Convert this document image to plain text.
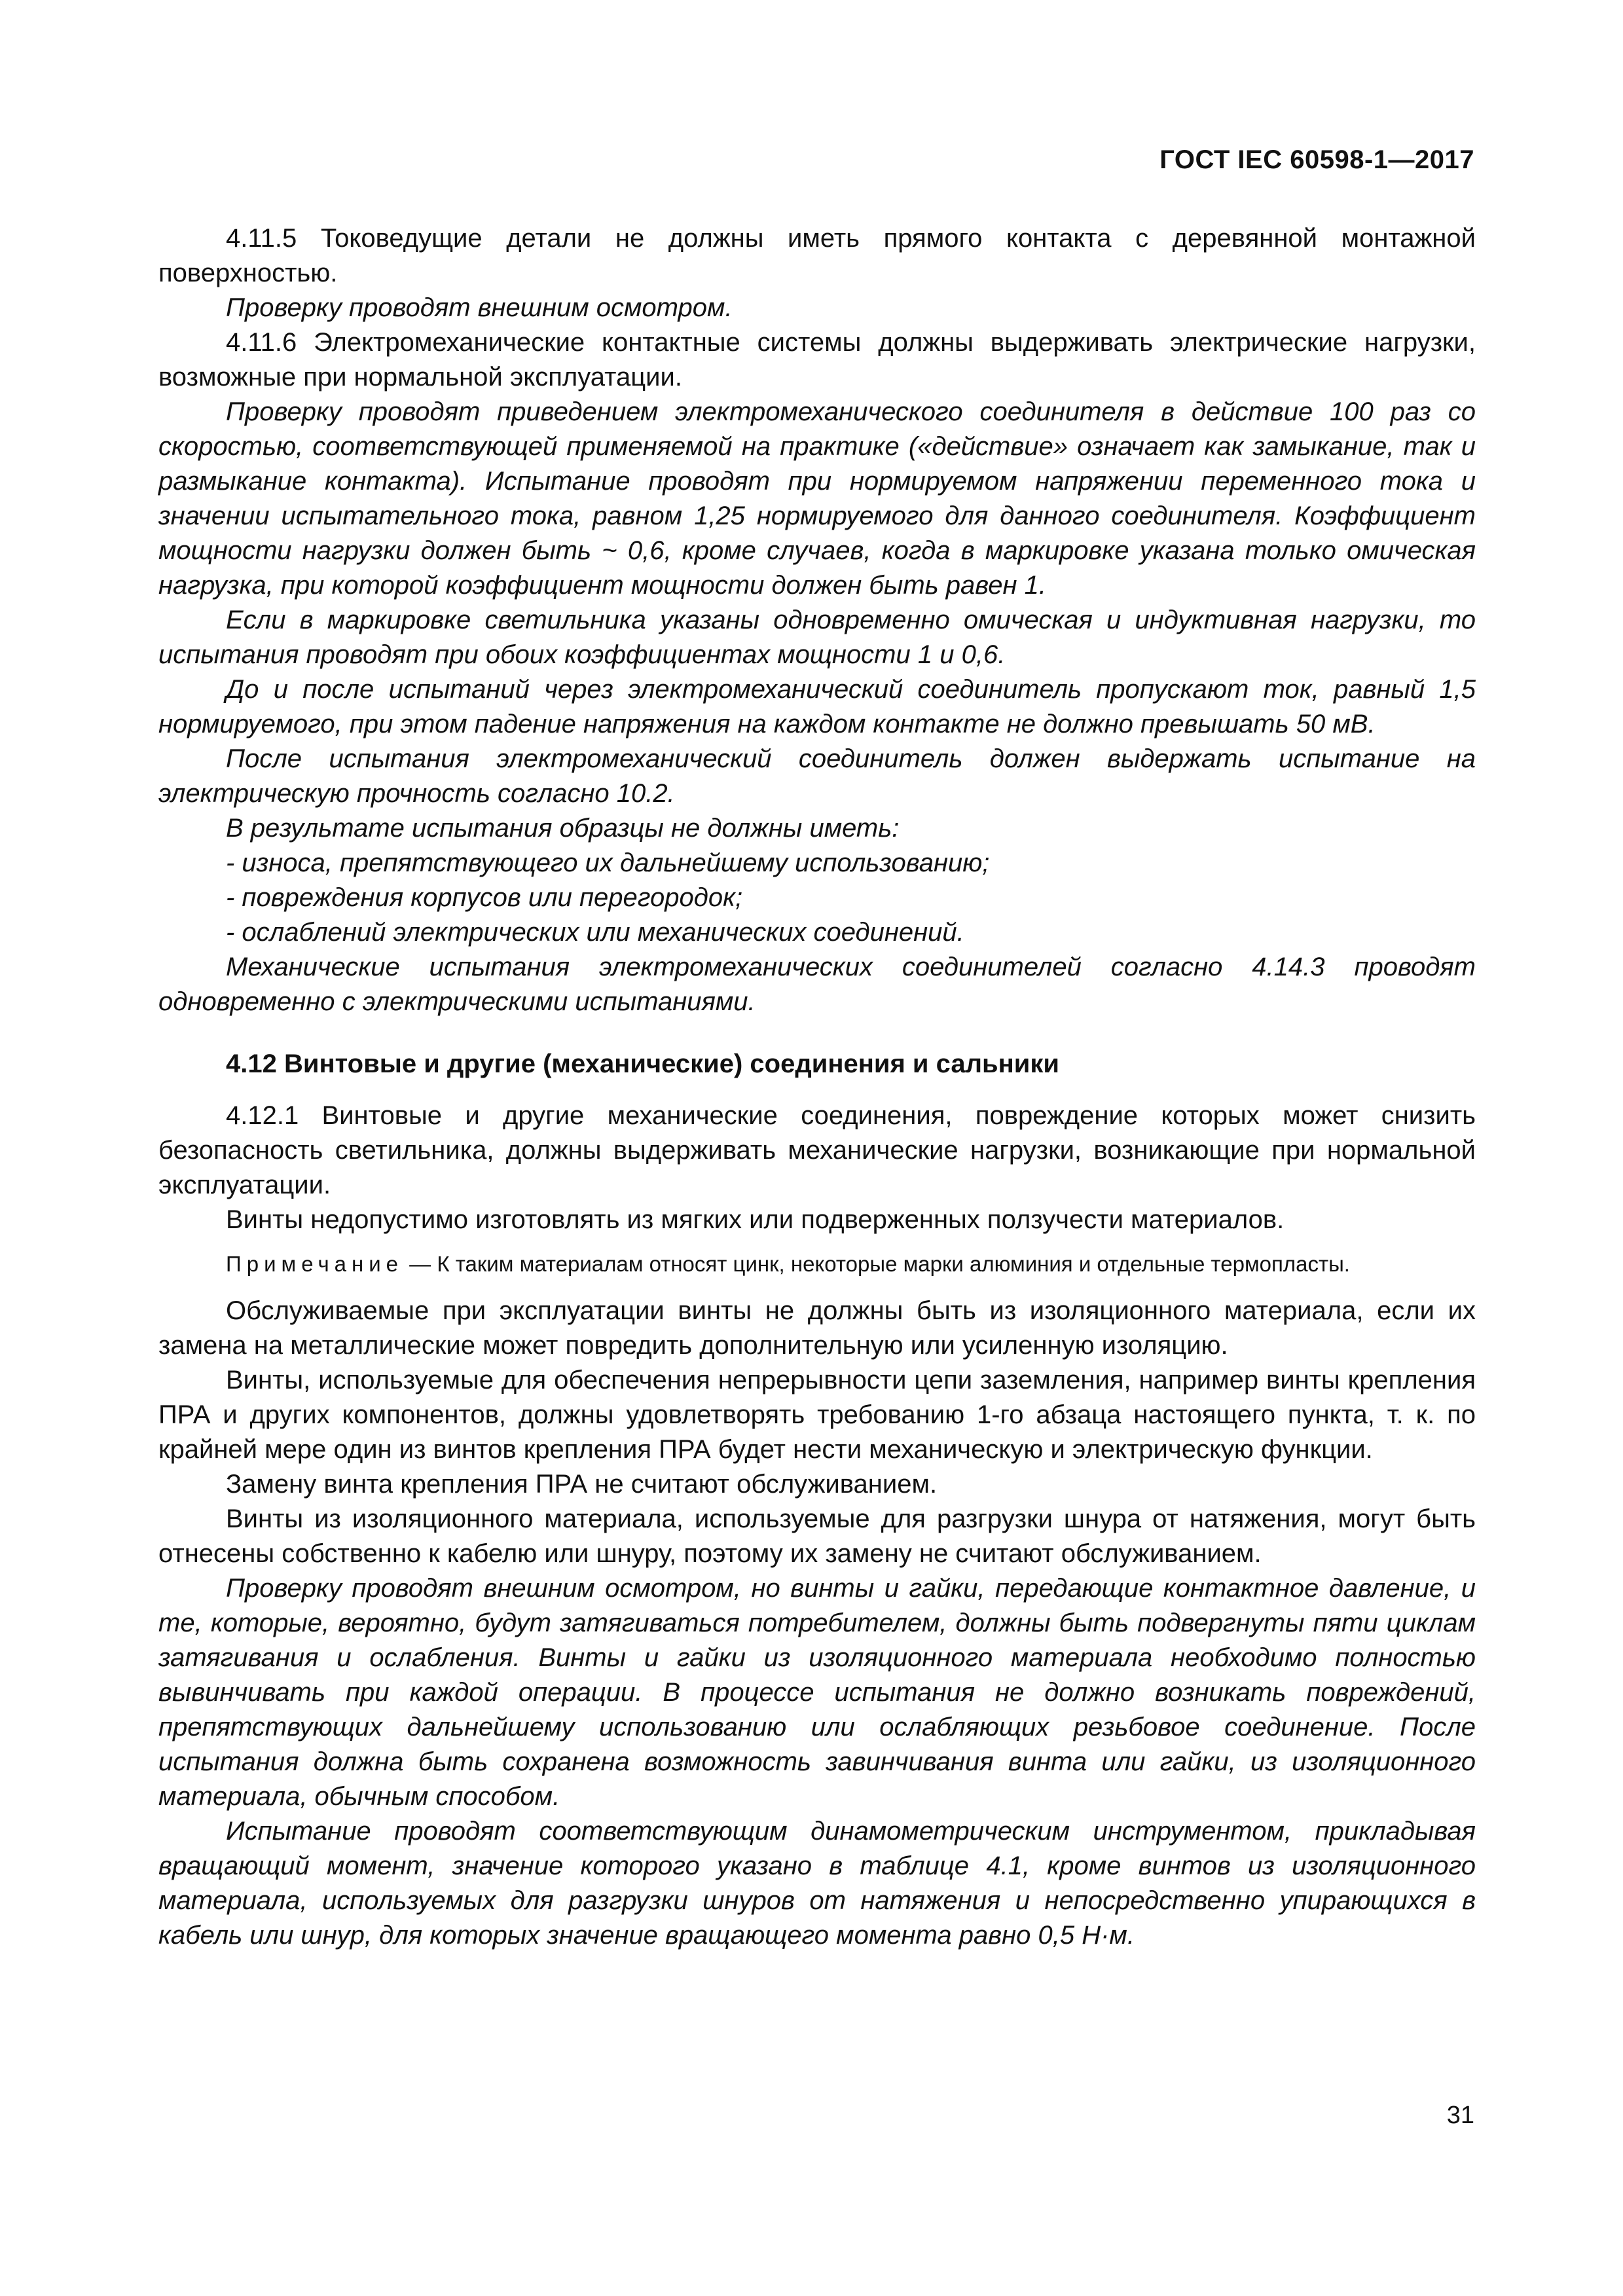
ГОСТ IEC 60598-1—2017

4.11.5 Токоведущие детали не должны иметь прямого контакта с деревянной монтажной поверхностью.

Проверку проводят внешним осмотром.

4.11.6 Электромеханические контактные системы должны выдерживать электрические нагрузки, возможные при нормальной эксплуатации.

Проверку проводят приведением электромеханического соединителя в действие 100 раз со скоростью, соответствующей применяемой на практике («действие» означает как замыкание, так и размыкание контакта). Испытание проводят при нормируемом напряжении переменного тока и значении испытательного тока, равном 1,25 нормируемого для данного соединителя. Коэффициент мощности нагрузки должен быть ~ 0,6, кроме случаев, когда в маркировке указана только омическая нагрузка, при которой коэффициент мощности должен быть равен 1.

Если в маркировке светильника указаны одновременно омическая и индуктивная нагрузки, то испытания проводят при обоих коэффициентах мощности 1 и 0,6.

До и после испытаний через электромеханический соединитель пропускают ток, равный 1,5 нормируемого, при этом падение напряжения на каждом контакте не должно превышать 50 мВ.

После испытания электромеханический соединитель должен выдержать испытание на электрическую прочность согласно 10.2.

В результате испытания образцы не должны иметь:

- износа, препятствующего их дальнейшему использованию;

- повреждения корпусов или перегородок;

- ослаблений электрических или механических соединений.

Механические испытания электромеханических соединителей согласно 4.14.3 проводят одновременно с электрическими испытаниями.

4.12 Винтовые и другие (механические) соединения и сальники

4.12.1 Винтовые и другие механические соединения, повреждение которых может снизить безопасность светильника, должны выдерживать механические нагрузки, возникающие при нормальной эксплуатации.

Винты недопустимо изготовлять из мягких или подверженных ползучести материалов.

Примечание — К таким материалам относят цинк, некоторые марки алюминия и отдельные термопласты.

Обслуживаемые при эксплуатации винты не должны быть из изоляционного материала, если их замена на металлические может повредить дополнительную или усиленную изоляцию.

Винты, используемые для обеспечения непрерывности цепи заземления, например винты крепления ПРА и других компонентов, должны удовлетворять требованию 1-го абзаца настоящего пункта, т. к. по крайней мере один из винтов крепления ПРА будет нести механическую и электрическую функции.

Замену винта крепления ПРА не считают обслуживанием.

Винты из изоляционного материала, используемые для разгрузки шнура от натяжения, могут быть отнесены собственно к кабелю или шнуру, поэтому их замену не считают обслуживанием.

Проверку проводят внешним осмотром, но винты и гайки, передающие контактное давление, и те, которые, вероятно, будут затягиваться потребителем, должны быть подвергнуты пяти циклам затягивания и ослабления. Винты и гайки из изоляционного материала необходимо полностью вывинчивать при каждой операции. В процессе испытания не должно возникать повреждений, препятствующих дальнейшему использованию или ослабляющих резьбовое соединение. После испытания должна быть сохранена возможность завинчивания винта или гайки, из изоляционного материала, обычным способом.

Испытание проводят соответствующим динамометрическим инструментом, прикладывая вращающий момент, значение которого указано в таблице 4.1, кроме винтов из изоляционного материала, используемых для разгрузки шнуров от натяжения и непосредственно упирающихся в кабель или шнур, для которых значение вращающего момента равно 0,5 Н·м.

31
